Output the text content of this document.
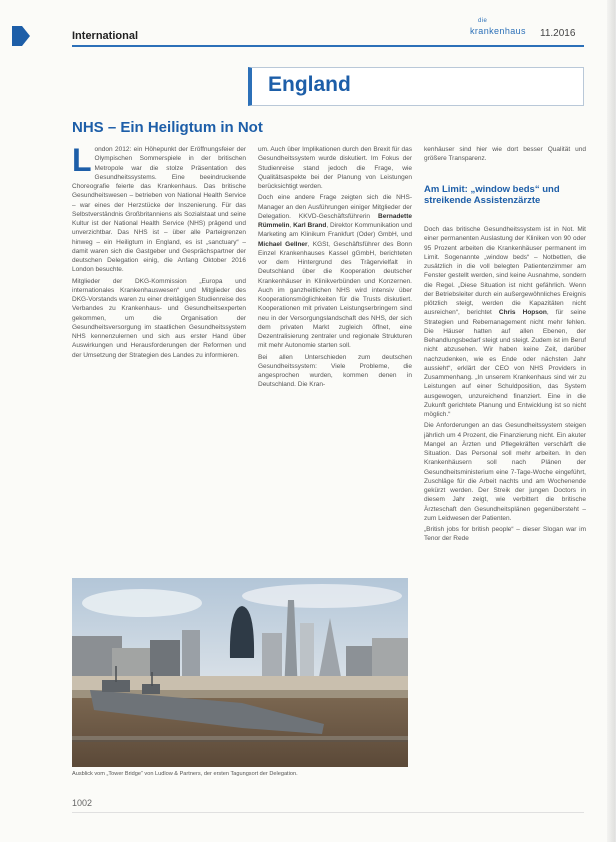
International
die
krankenhaus 11.2016
England
NHS – Ein Heiligtum in Not
London 2012: ein Höhepunkt der Eröffnungsfeier der Olympischen Sommerspiele in der britischen Metropole war die stolze Präsentation des Gesundheitssystems. Eine beeindruckende Choreografie feierte das Krankenhaus. Das britische Gesundheitswesen – betrieben von National Health Service – war eines der Herzstücke der Inszenierung. Für das Selbstverständnis Großbritanniens als Sozialstaat und seine Kultur ist der National Health Service (NHS) prägend und unverzichtbar. Das NHS ist – über alle Parteigrenzen hinweg – ein Heiligtum in England, es ist „sanctuary“ – damit waren sich die Gastgeber und Gesprächspartner der deutschen Delegation einig, die Anfang Oktober 2016 London besuchte.
Mitglieder der DKG-Kommission „Europa und internationales Krankenhauswesen“ und Mitglieder des DKG-Vorstands waren zu einer dreitägigen Studienreise des Verbandes zu Krankenhaus- und Gesundheitsexperten gekommen, um die Organisation der Gesundheitsversorgung im staatlichen Gesundheitssystem NHS kennenzulernen und sich aus erster Hand über Auswirkungen und Herausforderungen der Reformen und der Umsetzung der Strategien des Landes zu informieren.
um. Auch über Implikationen durch den Brexit für das Gesundheitssystem wurde diskutiert. Im Fokus der Studienreise stand jedoch die Frage, wie Qualitätsaspekte bei der Planung von Leistungen berücksichtigt werden.
Doch eine andere Frage zeigten sich die NHS-Manager an den Ausführungen einiger Mitglieder der Delegation. KKVD-Geschäftsführerin Bernadette Rümmelin, Karl Brand, Direktor Kommunikation und Marketing am Klinikum Frankfurt (Oder) GmbH, und Michael Gellner, KGSt, Geschäftsführer des Bonn Einzel Krankenhauses Kassel gGmbH, berichteten vor dem Hintergrund des Trägervielfalt in Deutschland über die Kooperation deutscher Krankenhäuser in Klinikverbünden und Konzernen. Auch im ganzheitlichen NHS wird intensiv über Kooperationsmöglichkeiten für die Trusts diskutiert. Kooperationen mit privaten Leistungserbringern sind neu in der Versorgungslandschaft des NHS, der sich dem privaten Markt zugleich öffnet, eine Dezentralisierung zentraler und regionale Strukturen mit mehr Autonomie starten soll.
Bei allen Unterschieden zum deutschen Gesundheitssystem: Viele Probleme, die angesprochen wurden, kommen denen in Deutschland. Die Kran-
kenhäuser sind hier wie dort besser Qualität und größere Transparenz.
Am Limit: „window beds“ und streikende Assistenzärzte
Doch das britische Gesundheitssystem ist in Not. Mit einer permanenten Auslastung der Kliniken von 90 oder 95 Prozent arbeiten die Krankenhäuser permanent im Limit. Sogenannte „window beds“ – Notbetten, die zusätzlich in die voll belegten Patientenzimmer am Fenster gestellt werden, sind keine Ausnahme, sondern die Regel. „Diese Situation ist nicht gefährlich. Wenn der Betriebsleiter durch ein außergewöhnliches Ereignis plötzlich steigt, werden die Kapazitäten nicht ausreichen“, berichtet Chris Hopson, für seine Strategien und Rebemanagement nicht mehr fehlen. Die Häuser hatten auf allen Ebenen, der Behandlungsbedarf steigt und steigt. Zudem ist im Beruf nicht abzusehen. Wir haben keine Zeit, darüber nachzudenken, wie es Ende oder nächsten Jahr aussieht“, erklärt der CEO von NHS Providers in Zusammenhang. „In unserem Krankenhaus sind wir zu Leistungen auf einer Schuldposition, das System ausgewogen, unzureichend finanziert. Eine in die Zukunft gerichtete Planung und Entwicklung ist so nicht möglich.“
Die Anforderungen an das Gesundheitssystem steigen jährlich um 4 Prozent, die Finanzierung nicht. Ein akuter Mangel an Ärzten und Pflegekräften verschärft die Situation. Das Personal soll mehr arbeiten. In den Krankenhäusern soll nach Plänen der Gesundheitsministerium eine 7-Tage-Woche eingeführt, Zuschläge für die Arbeit nachts und am Wochenende gekürzt werden. Der Streik der jungen Doctors in diesem Jahr zeigt, wie verbittert die britische Ärzteschaft den Gesundheitsplänen gegenübersteht – zum Leidwesen der Patienten.
„British jobs for british people“ – dieser Slogan war im Tenor der Rede
Ausblick vom „Tower Bridge“ von Ludlow & Partners, der ersten Tagungsort der Delegation.
1002
